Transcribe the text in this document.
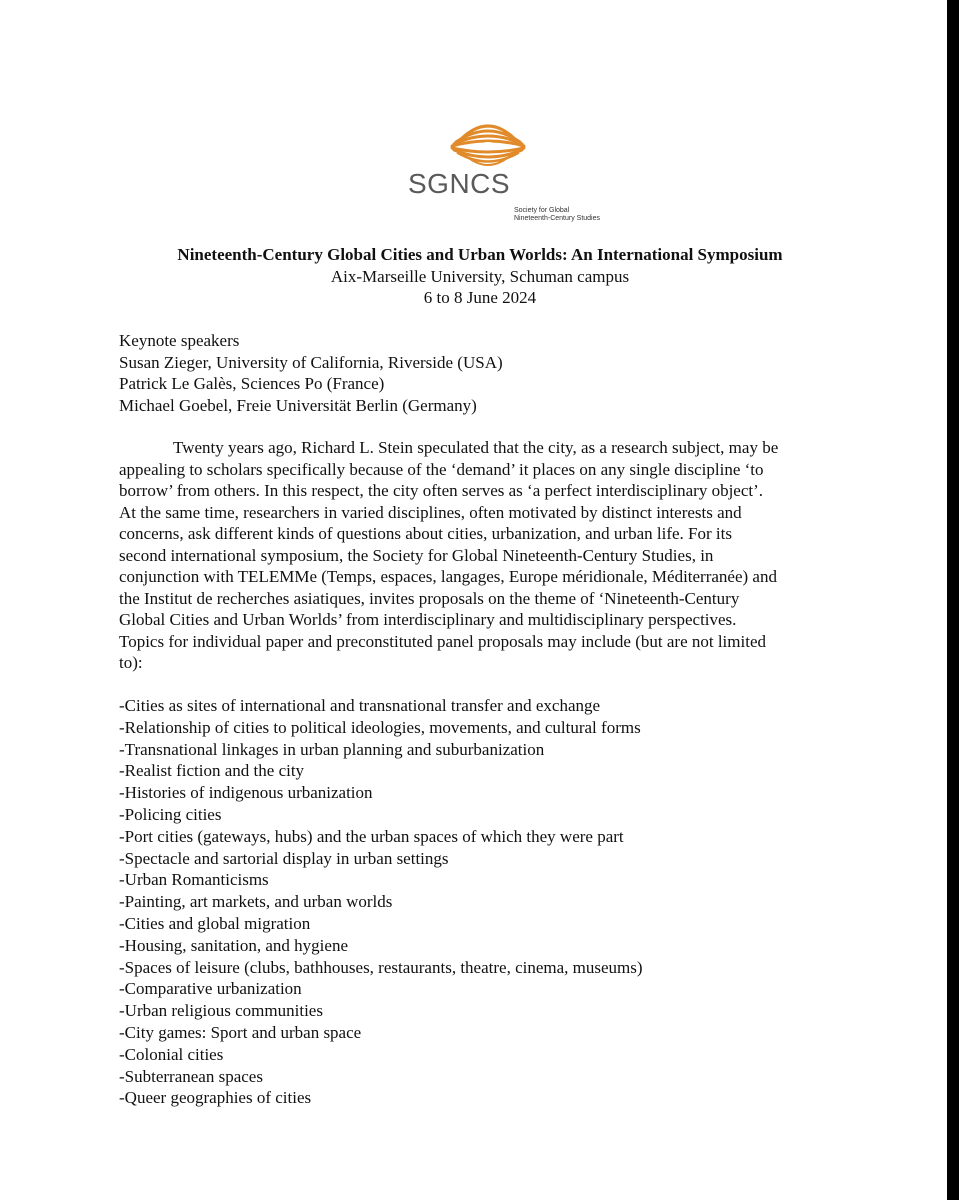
SGNCS
Society for Global
Nineteenth-Century Studies
Nineteenth-Century Global Cities and Urban Worlds: An International Symposium
Aix-Marseille University, Schuman campus
6 to 8 June 2024
Keynote speakers
Susan Zieger, University of California, Riverside (USA)
Patrick Le Galès, Sciences Po (France)
Michael Goebel, Freie Universität Berlin (Germany)
Twenty years ago, Richard L. Stein speculated that the city, as a research subject, may be
appealing to scholars specifically because of the ‘demand’ it places on any single discipline ‘to
borrow’ from others. In this respect, the city often serves as ‘a perfect interdisciplinary object’.
At the same time, researchers in varied disciplines, often motivated by distinct interests and
concerns, ask different kinds of questions about cities, urbanization, and urban life. For its
second international symposium, the Society for Global Nineteenth-Century Studies, in
conjunction with TELEMMe (Temps, espaces, langages, Europe méridionale, Méditerranée) and
the Institut de recherches asiatiques, invites proposals on the theme of ‘Nineteenth-Century
Global Cities and Urban Worlds’ from interdisciplinary and multidisciplinary perspectives.
Topics for individual paper and preconstituted panel proposals may include (but are not limited
to):
-Cities as sites of international and transnational transfer and exchange
-Relationship of cities to political ideologies, movements, and cultural forms
-Transnational linkages in urban planning and suburbanization
-Realist fiction and the city
-Histories of indigenous urbanization
-Policing cities
-Port cities (gateways, hubs) and the urban spaces of which they were part
-Spectacle and sartorial display in urban settings
-Urban Romanticisms
-Painting, art markets, and urban worlds
-Cities and global migration
-Housing, sanitation, and hygiene
-Spaces of leisure (clubs, bathhouses, restaurants, theatre, cinema, museums)
-Comparative urbanization
-Urban religious communities
-City games: Sport and urban space
-Colonial cities
-Subterranean spaces
-Queer geographies of cities
